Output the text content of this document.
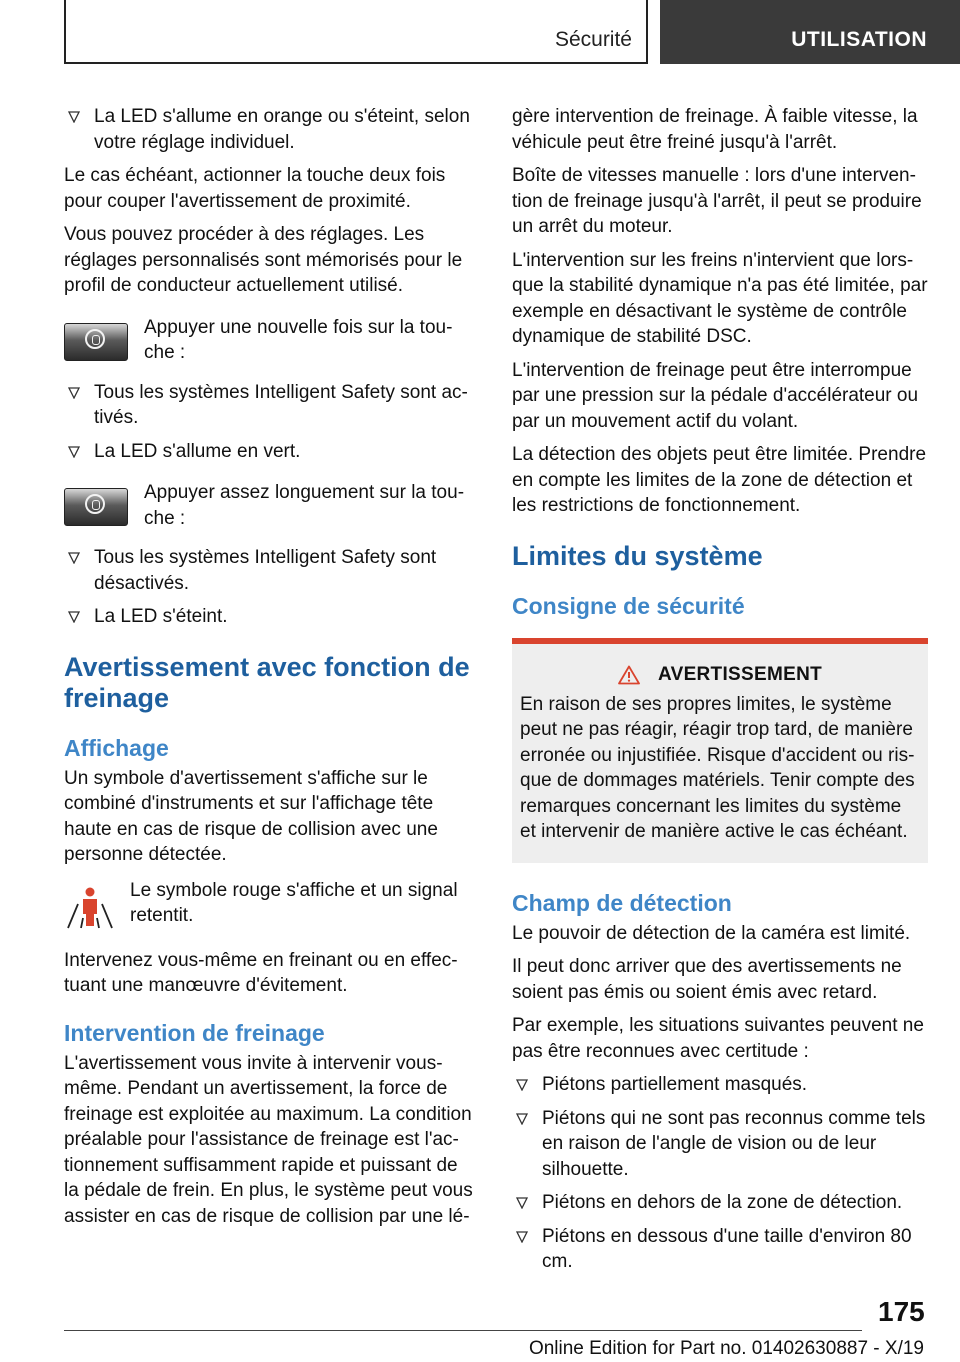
Sécurité	UTILISATION
La LED s'allume en orange ou s'éteint, selon votre réglage individuel.

Le cas échéant, actionner la touche deux fois pour couper l'avertissement de proximité.

Vous pouvez procéder à des réglages. Les réglages personnalisés sont mémorisés pour le profil de conducteur actuellement utilisé.

Appuyer une nouvelle fois sur la touche :
Tous les systèmes Intelligent Safety sont activés.
La LED s'allume en vert.
Appuyer assez longuement sur la touche :
Tous les systèmes Intelligent Safety sont désactivés.
La LED s'éteint.
Avertissement avec fonction de freinage
Affichage

Un symbole d'avertissement s'affiche sur le combiné d'instruments et sur l'affichage tête haute en cas de risque de collision avec une personne détectée.

Le symbole rouge s'affiche et un signal retentit.

Intervenez vous-même en freinant ou en effectuant une manœuvre d'évitement.

Intervention de freinage

L'avertissement vous invite à intervenir vous-même. Pendant un avertissement, la force de freinage est exploitée au maximum. La condition préalable pour l'assistance de freinage est l'actionnement suffisamment rapide et puissant de la pédale de frein. En plus, le système peut vous assister en cas de risque de collision par une lé‐

gère intervention de freinage. À faible vitesse, la véhicule peut être freiné jusqu'à l'arrêt.

Boîte de vitesses manuelle : lors d'une intervention de freinage jusqu'à l'arrêt, il peut se produire un arrêt du moteur.

L'intervention sur les freins n'intervient que lorsque la stabilité dynamique n'a pas été limitée, par exemple en désactivant le système de contrôle dynamique de stabilité DSC.

L'intervention de freinage peut être interrompue par une pression sur la pédale d'accélérateur ou par un mouvement actif du volant.

La détection des objets peut être limitée. Prendre en compte les limites de la zone de détection et les restrictions de fonctionnement.

Limites du système
Consigne de sécurité
AVERTISSEMENT

En raison de ses propres limites, le système peut ne pas réagir, réagir trop tard, de manière erronée ou injustifiée. Risque d'accident ou risque de dommages matériels. Tenir compte des remarques concernant les limites du système et intervenir de manière active le cas échéant.

Champ de détection

Le pouvoir de détection de la caméra est limité.

Il peut donc arriver que des avertissements ne soient pas émis ou soient émis avec retard.

Par exemple, les situations suivantes peuvent ne pas être reconnues avec certitude :

Piétons partiellement masqués.
Piétons qui ne sont pas reconnus comme tels en raison de l'angle de vision ou de leur silhouette.
Piétons en dehors de la zone de détection.
Piétons en dessous d'une taille d'environ 80 cm.
175
Online Edition for Part no. 01402630887 - X/19
